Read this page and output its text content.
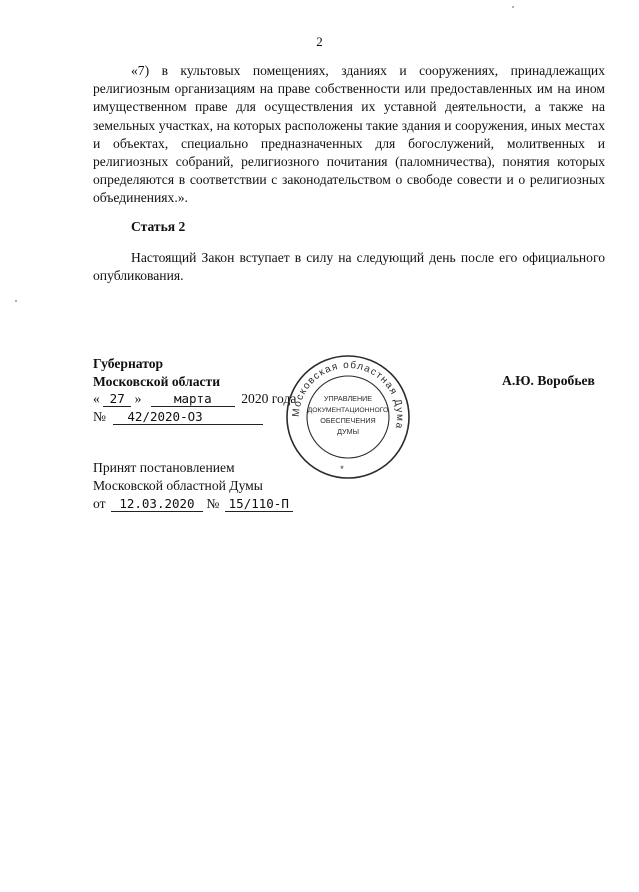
2
«7) в культовых помещениях, зданиях и сооружениях, принадлежащих религиозным организациям на праве собственности или предоставленных им на ином имущественном праве для осуществления их уставной деятельности, а также на земельных участках, на которых расположены такие здания и сооружения, иных местах и объектах, специально предназначенных для богослужений, молитвенных и религиозных собраний, религиозного почитания (паломничества), понятия которых определяются в соответствии с законодательством о свободе совести и о религиозных объединениях.».
Статья 2
Настоящий Закон вступает в силу на следующий день после его официального опубликования.
Губернатор
Московской области	А.Ю. Воробьев
« 27 »	марта 2020 года
№ 42/2020-ОЗ
Принят постановлением
Московской областной Думы
от 12.03.2020 № 15/110-П
Московская областная Дума
УПРАВЛЕНИЕ
ДОКУМЕНТАЦИОННОГО
ОБЕСПЕЧЕНИЯ
ДУМЫ
*
